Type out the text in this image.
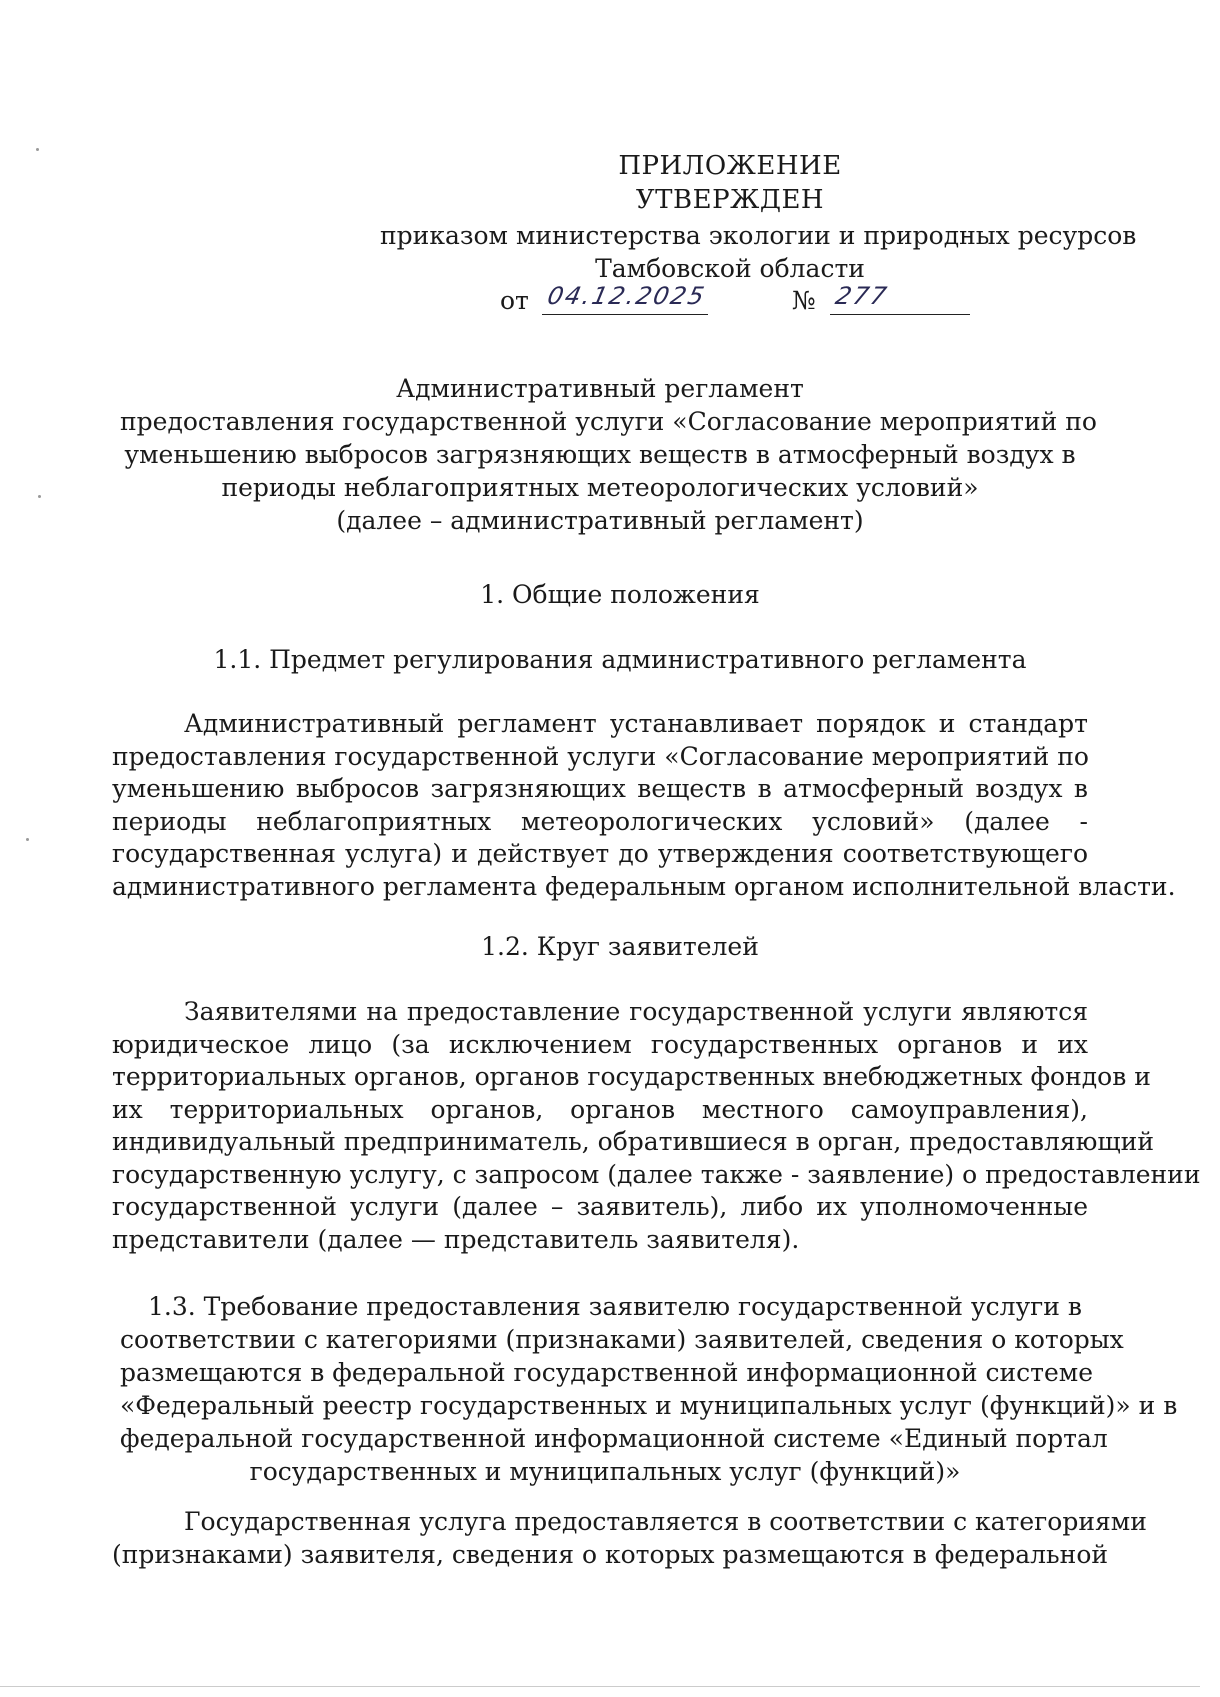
ПРИЛОЖЕНИЕ
УТВЕРЖДЕН
приказом министерства экологии и природных ресурсов
Тамбовской области
от 04.12.2025	№ 277
Административный регламент
предоставления государственной услуги «Согласование мероприятий по
уменьшению выбросов загрязняющих веществ в атмосферный воздух в
периоды неблагоприятных метеорологических условий»
(далее – административный регламент)
1. Общие положения
1.1. Предмет регулирования административного регламента
Административный регламент устанавливает порядок и стандарт
предоставления государственной услуги «Согласование мероприятий по
уменьшению выбросов загрязняющих веществ в атмосферный воздух в
периоды неблагоприятных метеорологических условий» (далее -
государственная услуга) и действует до утверждения соответствующего
административного регламента федеральным органом исполнительной власти.
1.2. Круг заявителей
Заявителями на предоставление государственной услуги являются
юридическое лицо (за исключением государственных органов и их
территориальных органов, органов государственных внебюджетных фондов и
их территориальных органов, органов местного самоуправления),
индивидуальный предприниматель, обратившиеся в орган, предоставляющий
государственную услугу, с запросом (далее также - заявление) о предоставлении
государственной услуги (далее – заявитель), либо их уполномоченные
представители (далее — представитель заявителя).
1.3. Требование предоставления заявителю государственной услуги в
соответствии с категориями (признаками) заявителей, сведения о которых
размещаются в федеральной государственной информационной системе
«Федеральный реестр государственных и муниципальных услуг (функций)» и в
федеральной государственной информационной системе «Единый портал
государственных и муниципальных услуг (функций)»
Государственная услуга предоставляется в соответствии с категориями
(признаками) заявителя, сведения о которых размещаются в федеральной
